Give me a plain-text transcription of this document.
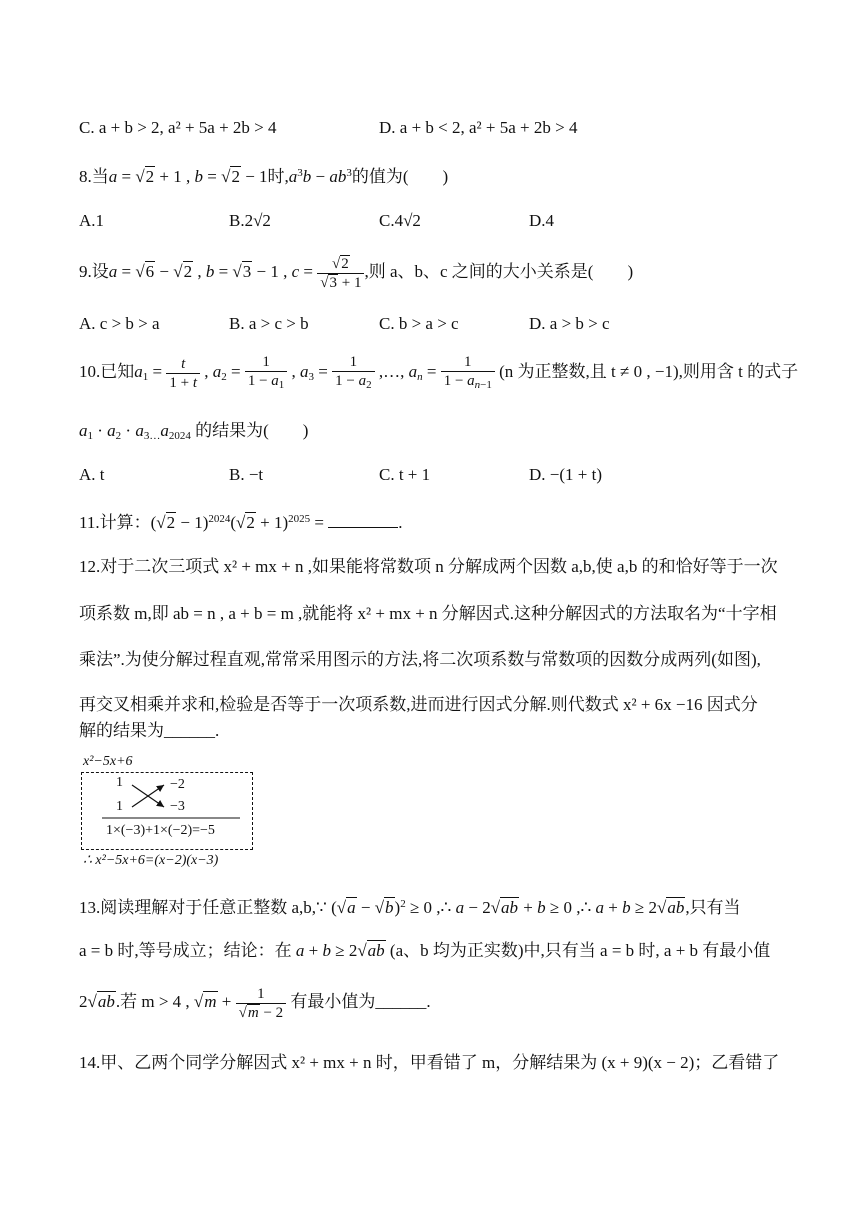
C. a + b > 2, a² + 5a + 2b > 4	D. a + b < 2, a² + 5a + 2b > 4
8.当a = √2 + 1 , b = √2 − 1时$,a^3b - ab^3$的值为(　　)
A.1	B.2√2	C.4√2	D.4
9.设a = √6 − √2 , b = √3 − 1 , $c = \frac{√2}{√3 + 1}$ ,则 a、b、c 之间的大小关系是(　　)
A. c > b > a	B. a > c > b	C. b > a > c	D. a > b > c
10.已知$a_1 = \frac{t}{1 + t}$ , $a_2 = \frac{1}{1 - a_1}$ , $a_3 = \frac{1}{1 - a_2}$ ,…, $a_n = \frac{1}{1 - a_{n-1}} (n$ 为正整数,且 t ≠ 0 , −1),则用含 t 的式子
$a_1 \cdot a_2 \cdot a_{3\dots}a_{2024}$ 的结果为(　　)
A. t	B. −t	C. t + 1	D. −(1 + t)
11.计算：$(√2 - 1)^{2024}(√2 + 1)^{2025}$ =	.
12.对于二次三项式 x² + mx + n ,如果能将常数项 n 分解成两个因数 a,b,使 a,b 的和恰好等于一次
项系数 m,即 ab = n , a + b = m ,就能将 x² + mx + n 分解因式.这种分解因式的方法取名为“十字相
乘法”.为使分解过程直观,常常采用图示的方法,将二次项系数与常数项的因数分成两列(如图),
再交叉相乘并求和,检验是否等于一次项系数,进而进行因式分解.则代数式 x² + 6x −16 因式分
解的结果为______.
x²−5x+6
1	−2
1	−3
1×(−3)+1×(−2)=−5
∴ x²−5x+6=(x−2)(x−3)
13.阅读理解对于任意正整数 a,b,∵ $(√a - √b)^2 \ge 0$ ,∴ a − 2√ab + b ≥ 0 ,∴ a + b ≥ 2√ab,只有当
a = b 时,等号成立；结论：在 a + b ≥ 2√ab (a、b 均为正实数)中,只有当 a = b 时, a + b 有最小值
2√ab.若 m > 4 , $√m + \frac{1}{√m - 2}$ 有最小值为______.
14.甲、乙两个同学分解因式 x² + mx + n 时，甲看错了 m，分解结果为 (x + 9)(x − 2)；乙看错了
